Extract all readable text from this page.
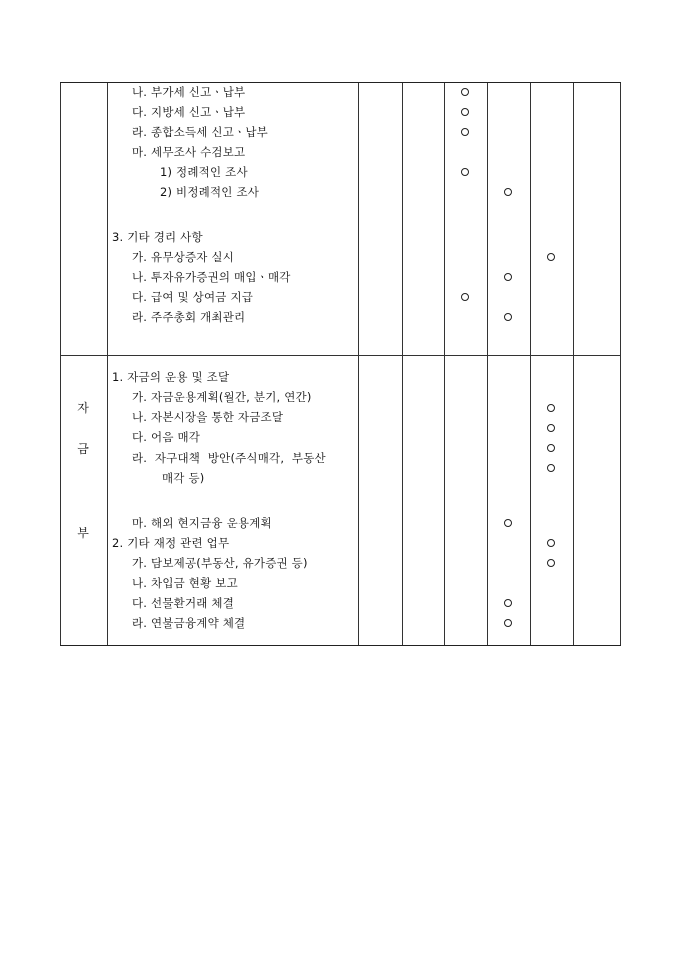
나. 부가세 신고ㆍ납부
다. 지방세 신고ㆍ납부
라. 종합소득세 신고ㆍ납부
마. 세무조사 수검보고
1) 정례적인 조사
2) 비정례적인 조사
3. 기타 경리 사항
가. 유무상증자 실시
나. 투자유가증권의 매입ㆍ매각
다. 급여 및 상여금 지급
라. 주주총회 개최관리
자
금
부
1. 자금의 운용 및 조달
가. 자금운용계획(월간, 분기, 연간)
나. 자본시장을 통한 자금조달
다. 어음 매각
라.  자구대책  방안(주식매각,  부동산
매각 등)
마. 해외 현지금융 운용계획
2. 기타 재정 관련 업무
가. 담보제공(부동산, 유가증권 등)
나. 차입금 현황 보고
다. 선물환거래 체결
라. 연불금융계약 체결
